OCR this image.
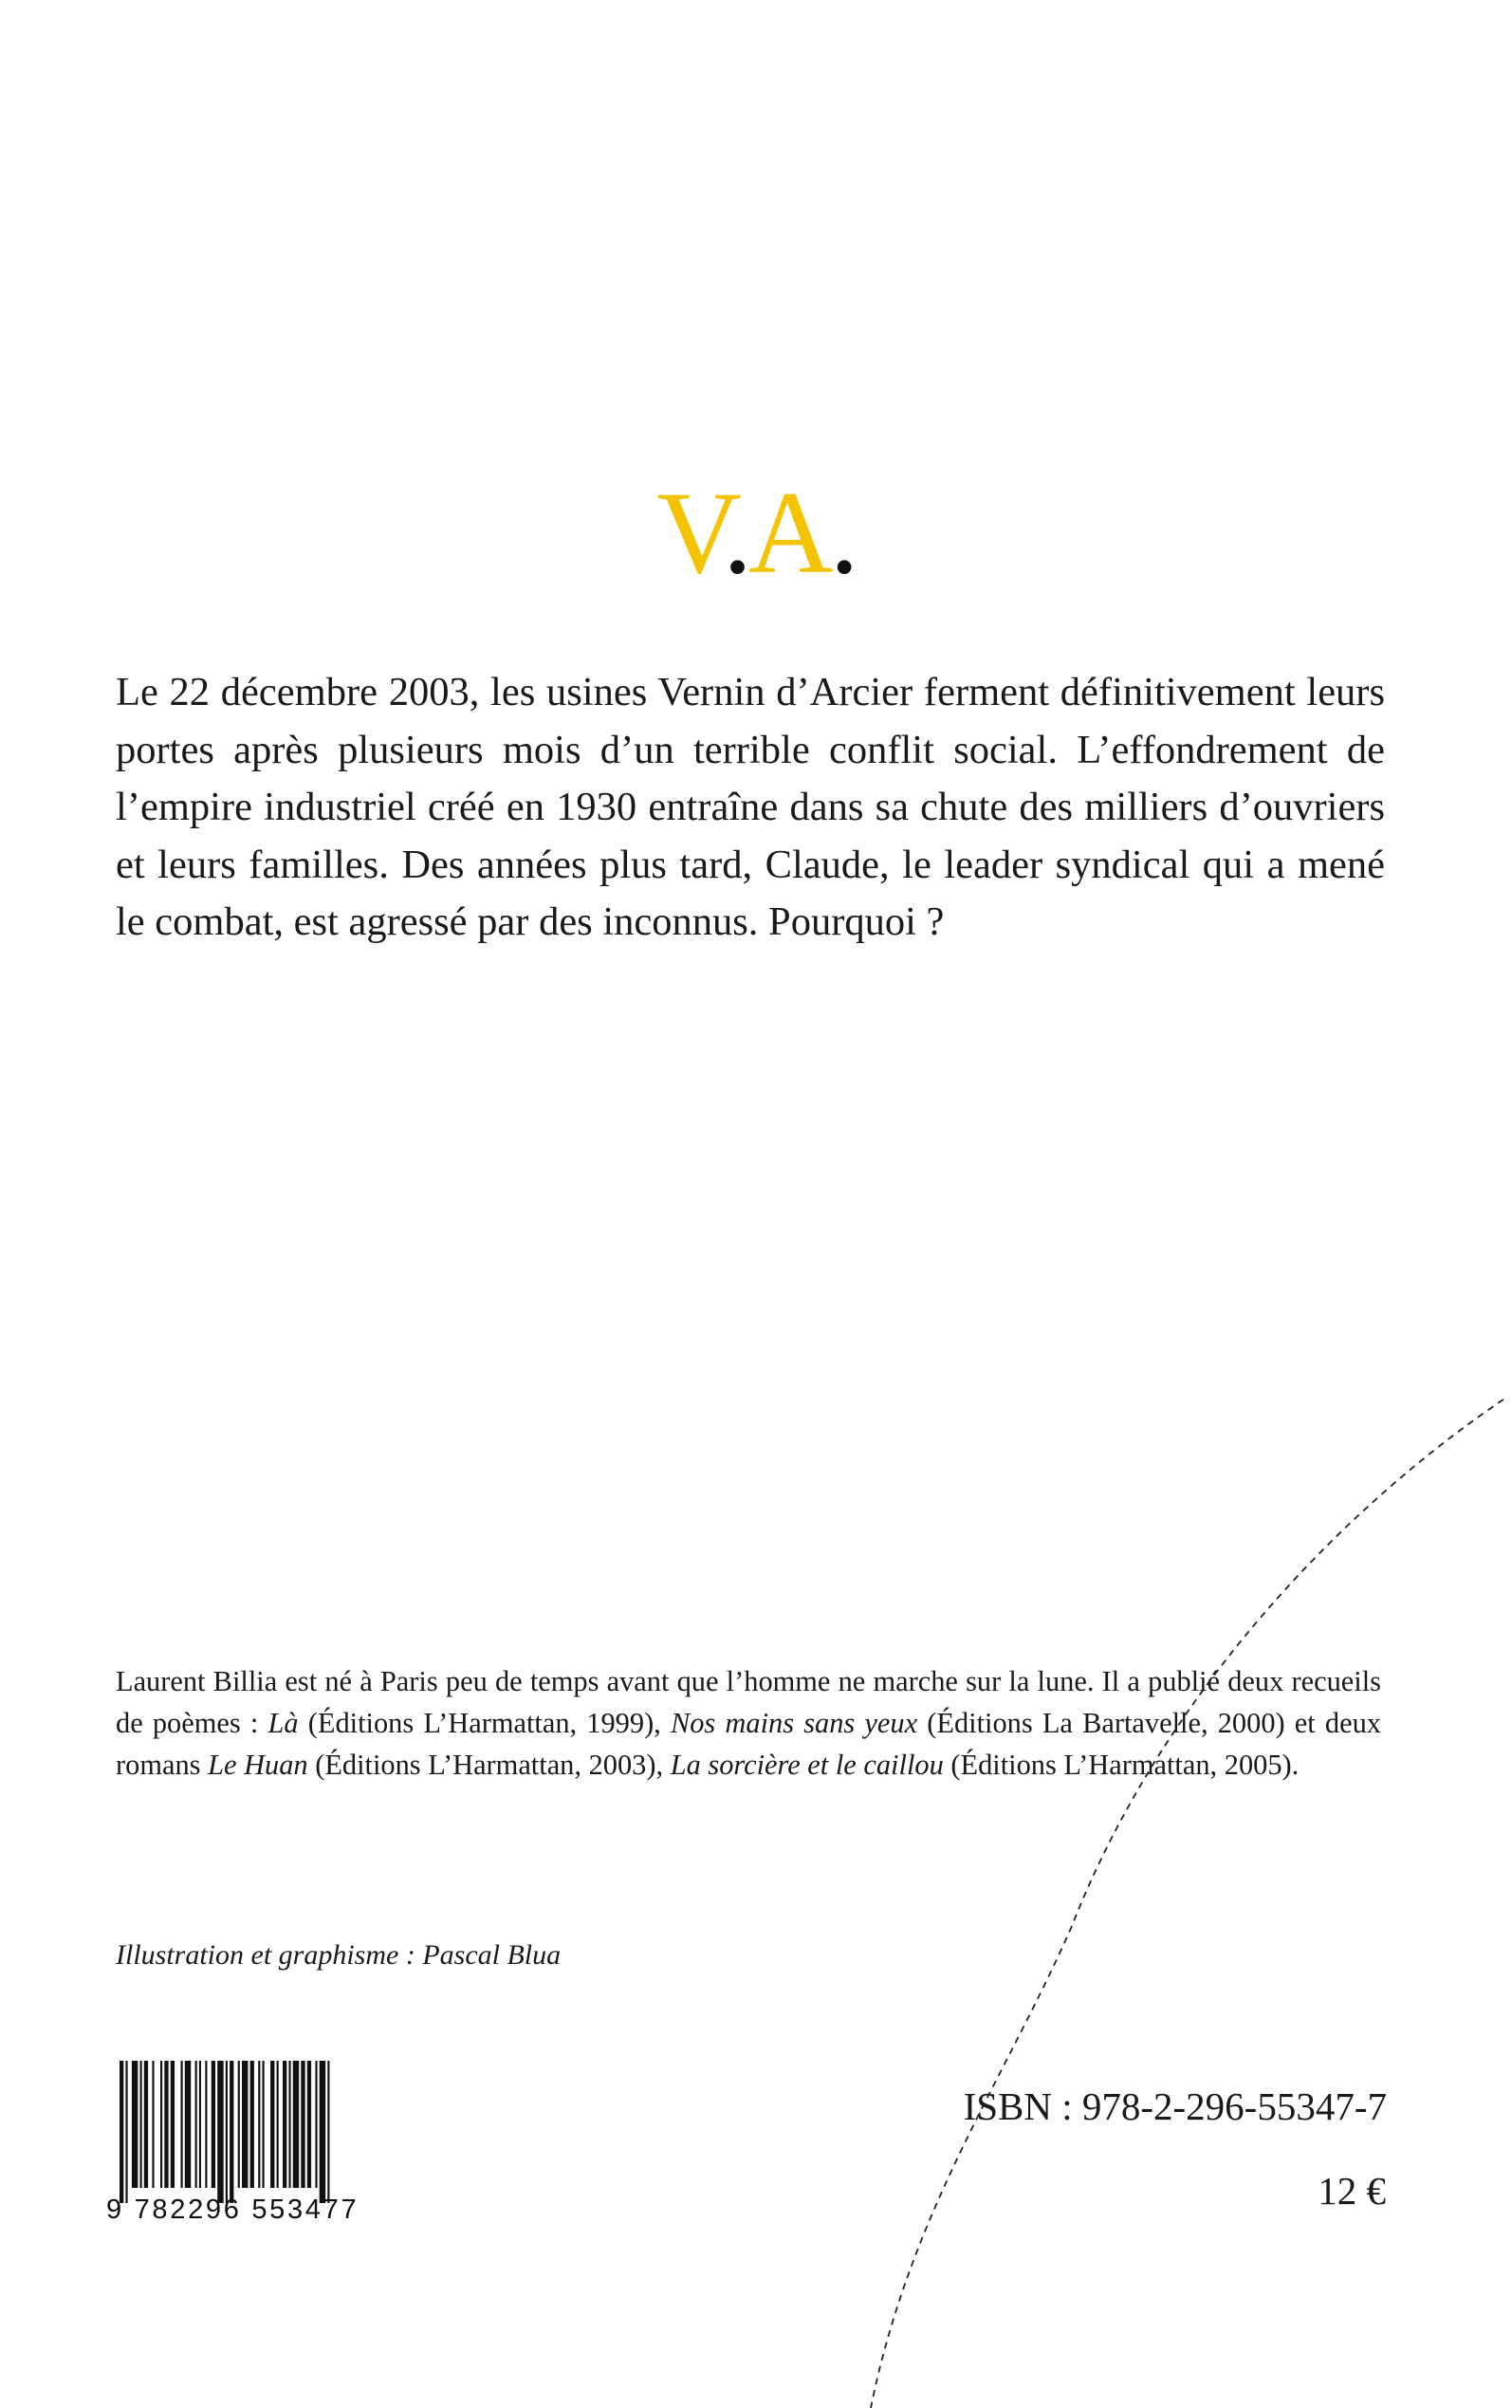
V.A.

Le 22 décembre 2003, les usines Vernin d’Arcier ferment définitivement leurs portes après plusieurs mois d’un terrible conflit social. L’effondrement de l’empire industriel créé en 1930 entraîne dans sa chute des milliers d’ouvriers et leurs familles. Des années plus tard, Claude, le leader syndical qui a mené le combat, est agressé par des inconnus. Pourquoi ?

Laurent Billia est né à Paris peu de temps avant que l’homme ne marche sur la lune. Il a publié deux recueils de poèmes : Là (Éditions L’Harmattan, 1999), Nos mains sans yeux (Éditions La Bartavelle, 2000) et deux romans Le Huan (Éditions L’Harmattan, 2003), La sorcière et le caillou (Éditions L’Harmattan, 2005).

Illustration et graphisme : Pascal Blua

9 782296 553477
ISBN : 978-2-296-55347-7
12 €
